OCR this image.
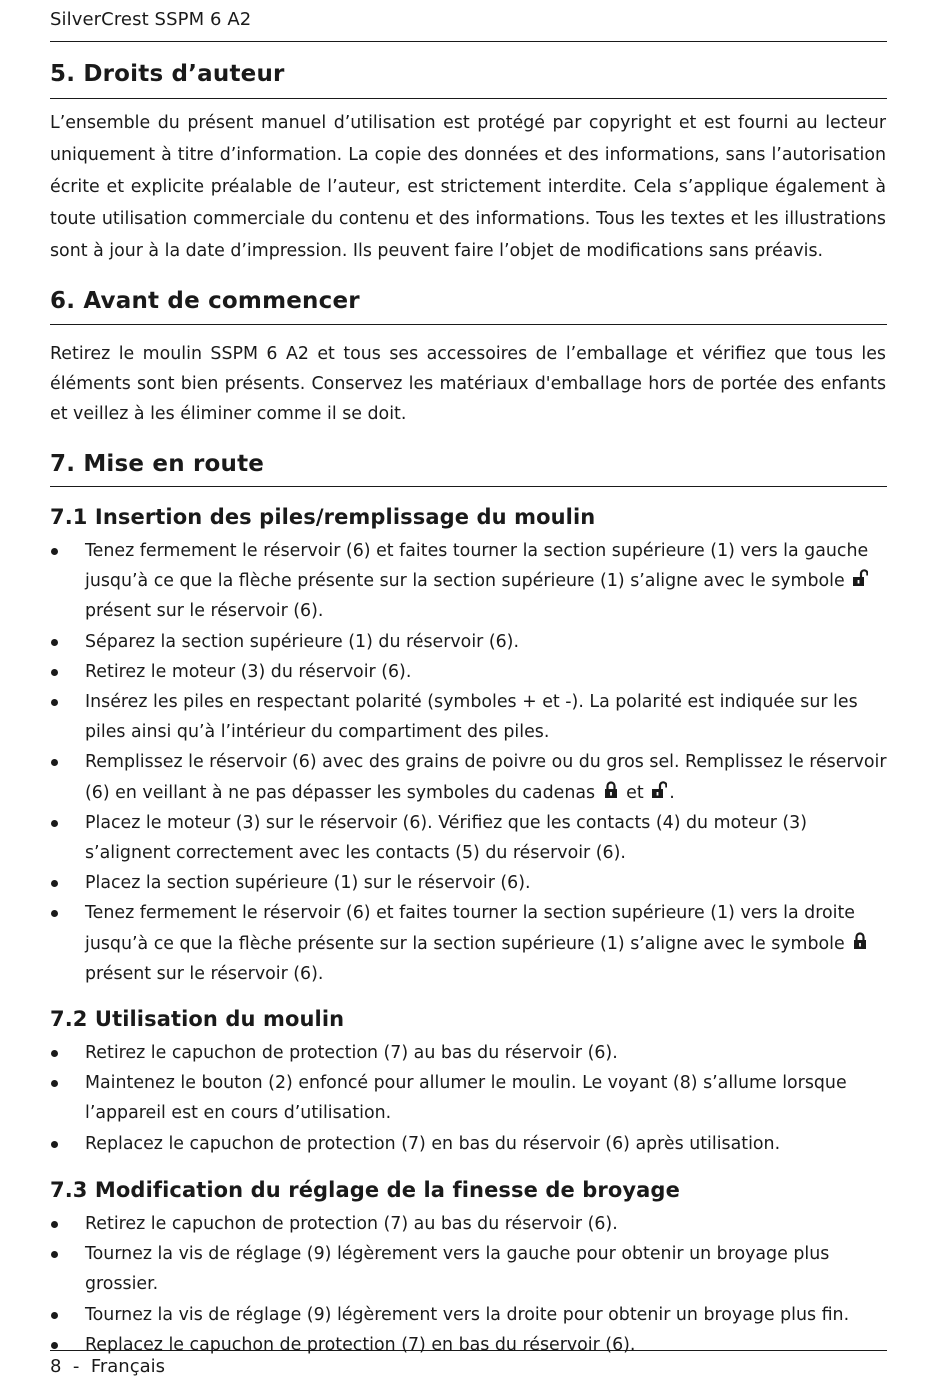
SilverCrest SSPM 6 A2
5. Droits d’auteur

L’ensemble du présent manuel d’utilisation est protégé par copyright et est fourni au lecteur uniquement à titre d’information. La copie des données et des informations, sans l’autorisation écrite et explicite préalable de l’auteur, est strictement interdite. Cela s’applique également à toute utilisation commerciale du contenu et des informations. Tous les textes et les illustrations sont à jour à la date d’impression. Ils peuvent faire l’objet de modifications sans préavis.

6. Avant de commencer

Retirez le moulin SSPM 6 A2 et tous ses accessoires de l’emballage et vérifiez que tous les éléments sont bien présents. Conservez les matériaux d'emballage hors de portée des enfants et veillez à les éliminer comme il se doit.

7. Mise en route
7.1 Insertion des piles/remplissage du moulin
Tenez fermement le réservoir (6) et faites tourner la section supérieure (1) vers la gauche jusqu’à ce que la flèche présente sur la section supérieure (1) s’aligne avec le symbole  présent sur le réservoir (6).
Séparez la section supérieure (1) du réservoir (6).
Retirez le moteur (3) du réservoir (6).
Insérez les piles en respectant polarité (symboles + et -). La polarité est indiquée sur les piles ainsi qu’à l’intérieur du compartiment des piles.
Remplissez le réservoir (6) avec des grains de poivre ou du gros sel. Remplissez le réservoir (6) en veillant à ne pas dépasser les symboles du cadenas et .
Placez le moteur (3) sur le réservoir (6). Vérifiez que les contacts (4) du moteur (3) s’alignent correctement avec les contacts (5) du réservoir (6).
Placez la section supérieure (1) sur le réservoir (6).
Tenez fermement le réservoir (6) et faites tourner la section supérieure (1) vers la droite jusqu’à ce que la flèche présente sur la section supérieure (1) s’aligne avec le symbole  présent sur le réservoir (6).
7.2 Utilisation du moulin
Retirez le capuchon de protection (7) au bas du réservoir (6).
Maintenez le bouton (2) enfoncé pour allumer le moulin. Le voyant (8) s’allume lorsque l’appareil est en cours d’utilisation.
Replacez le capuchon de protection (7) en bas du réservoir (6) après utilisation.
7.3 Modification du réglage de la finesse de broyage
Retirez le capuchon de protection (7) au bas du réservoir (6).
Tournez la vis de réglage (9) légèrement vers la gauche pour obtenir un broyage plus grossier.
Tournez la vis de réglage (9) légèrement vers la droite pour obtenir un broyage plus fin.
Replacez le capuchon de protection (7) en bas du réservoir (6).
8  -  Français
